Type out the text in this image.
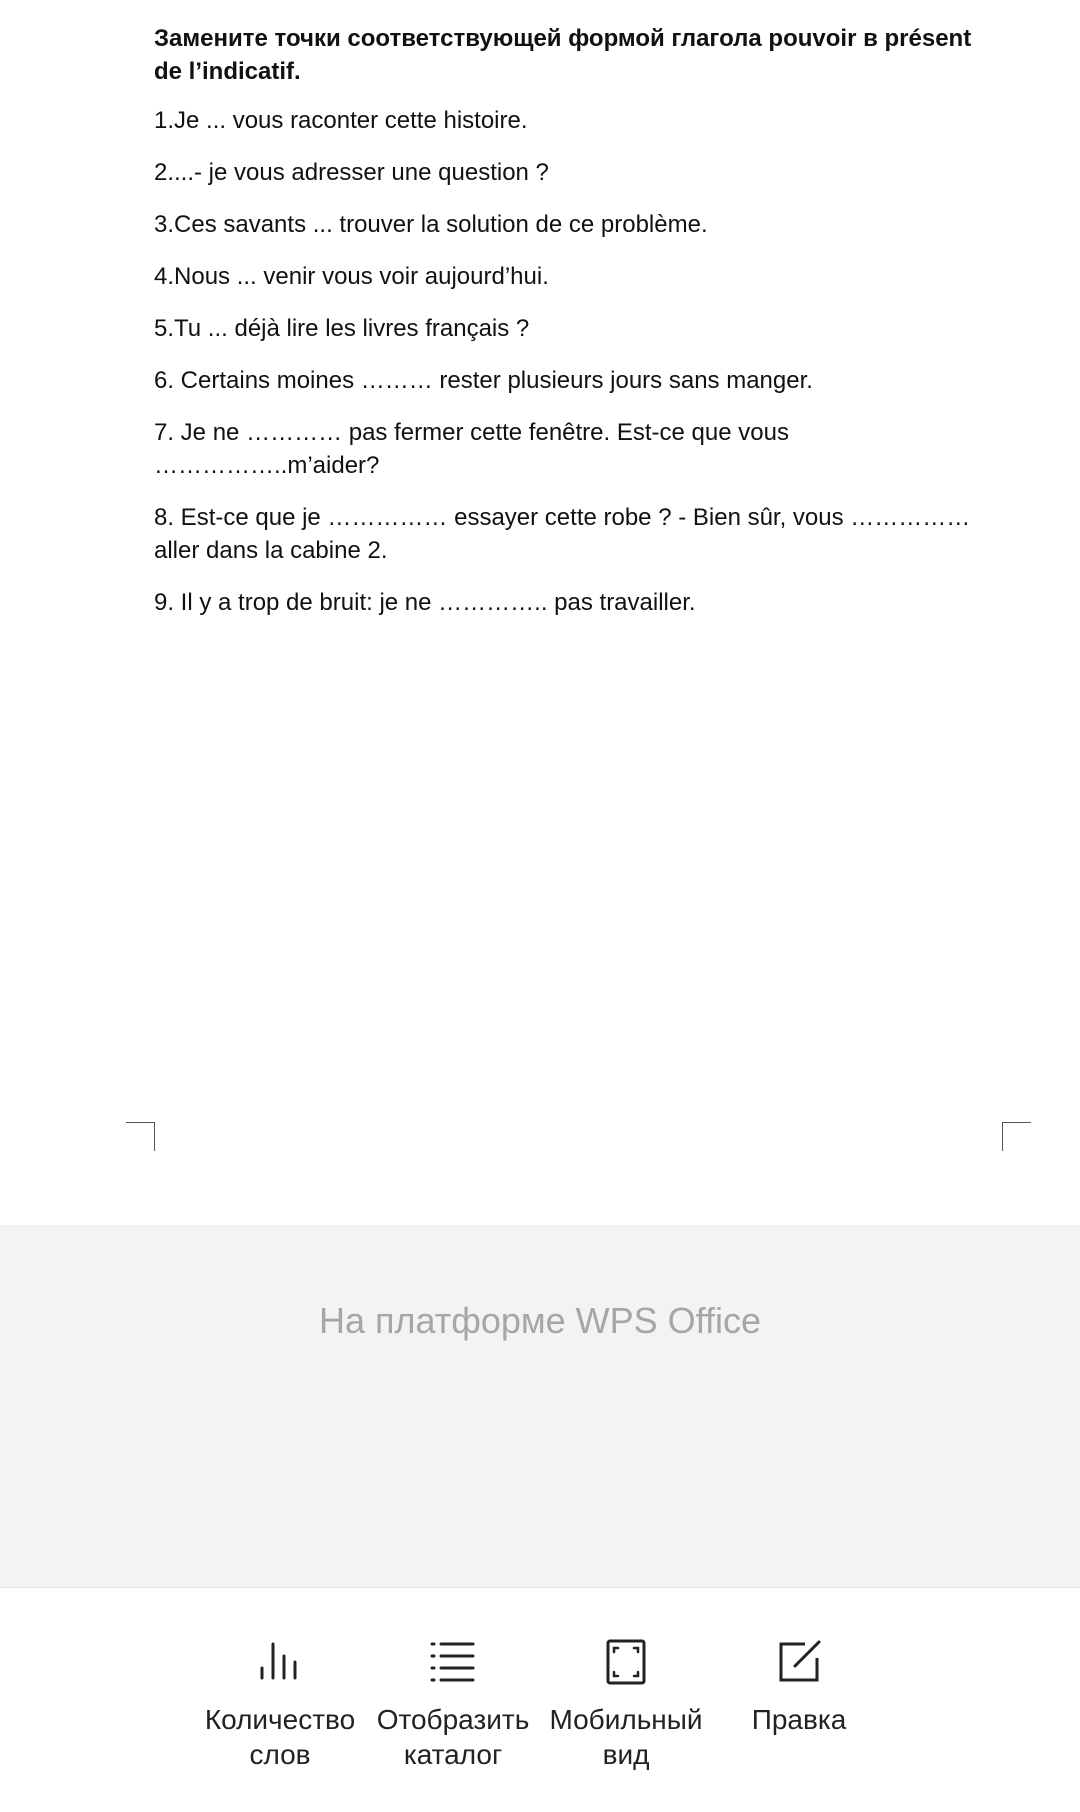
Замените точки соответствующей формой глагола pouvoir в présent de l’indicatif.

1.Je ... vous raconter cette histoire.

2....- je vous adresser une question ?

3.Ces savants ... trouver la solution de ce problème.

4.Nous ... venir vous voir aujourd’hui.

5.Tu ... déjà lire les livres français ?

6. Certains moines ……… rester plusieurs jours sans manger.

7. Je ne ………… pas fermer cette fenêtre. Est-ce que vous ……………..m’aider?

8. Est-ce que je …………… essayer cette robe ? - Bien sûr, vous …………… aller dans la cabine 2.

9. Il y a trop de bruit: je ne ………….. pas travailler.

На платформе WPS Office
Количество
слов
Отобразить
каталог
Мобильный
вид
Правка
